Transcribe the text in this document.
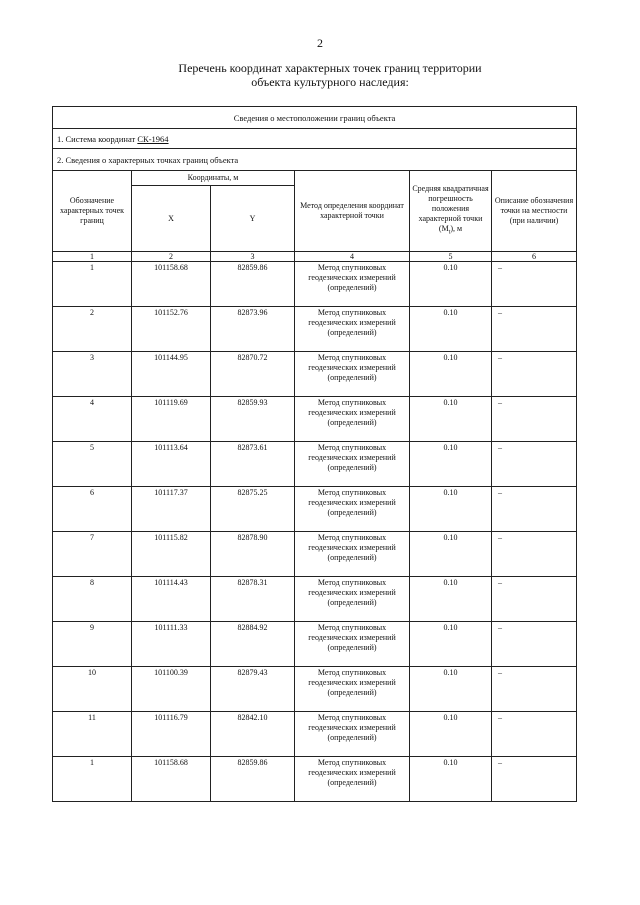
2
Перечень координат характерных точек границ территории
объекта культурного наследия:
Сведения о местоположении границ объекта					
1. Система координат СК-1964					
2. Сведения о характерных точках границ объекта					
Обозначение характерных точек границ	Координаты, м		Метод определения координат характерной точки	Средняя квадратичная погрешность положения характерной точки $(M_t)$, м	Описание обозначения точки на местности (при наличии)
	X	Y			
1	2	3	4	5	6
1	101158.68	82859.86	Метод спутниковых геодезических измерений (определений)	0.10	–
2	101152.76	82873.96	Метод спутниковых геодезических измерений (определений)	0.10	–
3	101144.95	82870.72	Метод спутниковых геодезических измерений (определений)	0.10	–
4	101119.69	82859.93	Метод спутниковых геодезических измерений (определений)	0.10	–
5	101113.64	82873.61	Метод спутниковых геодезических измерений (определений)	0.10	–
6	101117.37	82875.25	Метод спутниковых геодезических измерений (определений)	0.10	–
7	101115.82	82878.90	Метод спутниковых геодезических измерений (определений)	0.10	–
8	101114.43	82878.31	Метод спутниковых геодезических измерений (определений)	0.10	–
9	101111.33	82884.92	Метод спутниковых геодезических измерений (определений)	0.10	–
10	101100.39	82879.43	Метод спутниковых геодезических измерений (определений)	0.10	–
11	101116.79	82842.10	Метод спутниковых геодезических измерений (определений)	0.10	–
1	101158.68	82859.86	Метод спутниковых геодезических измерений (определений)	0.10	–
